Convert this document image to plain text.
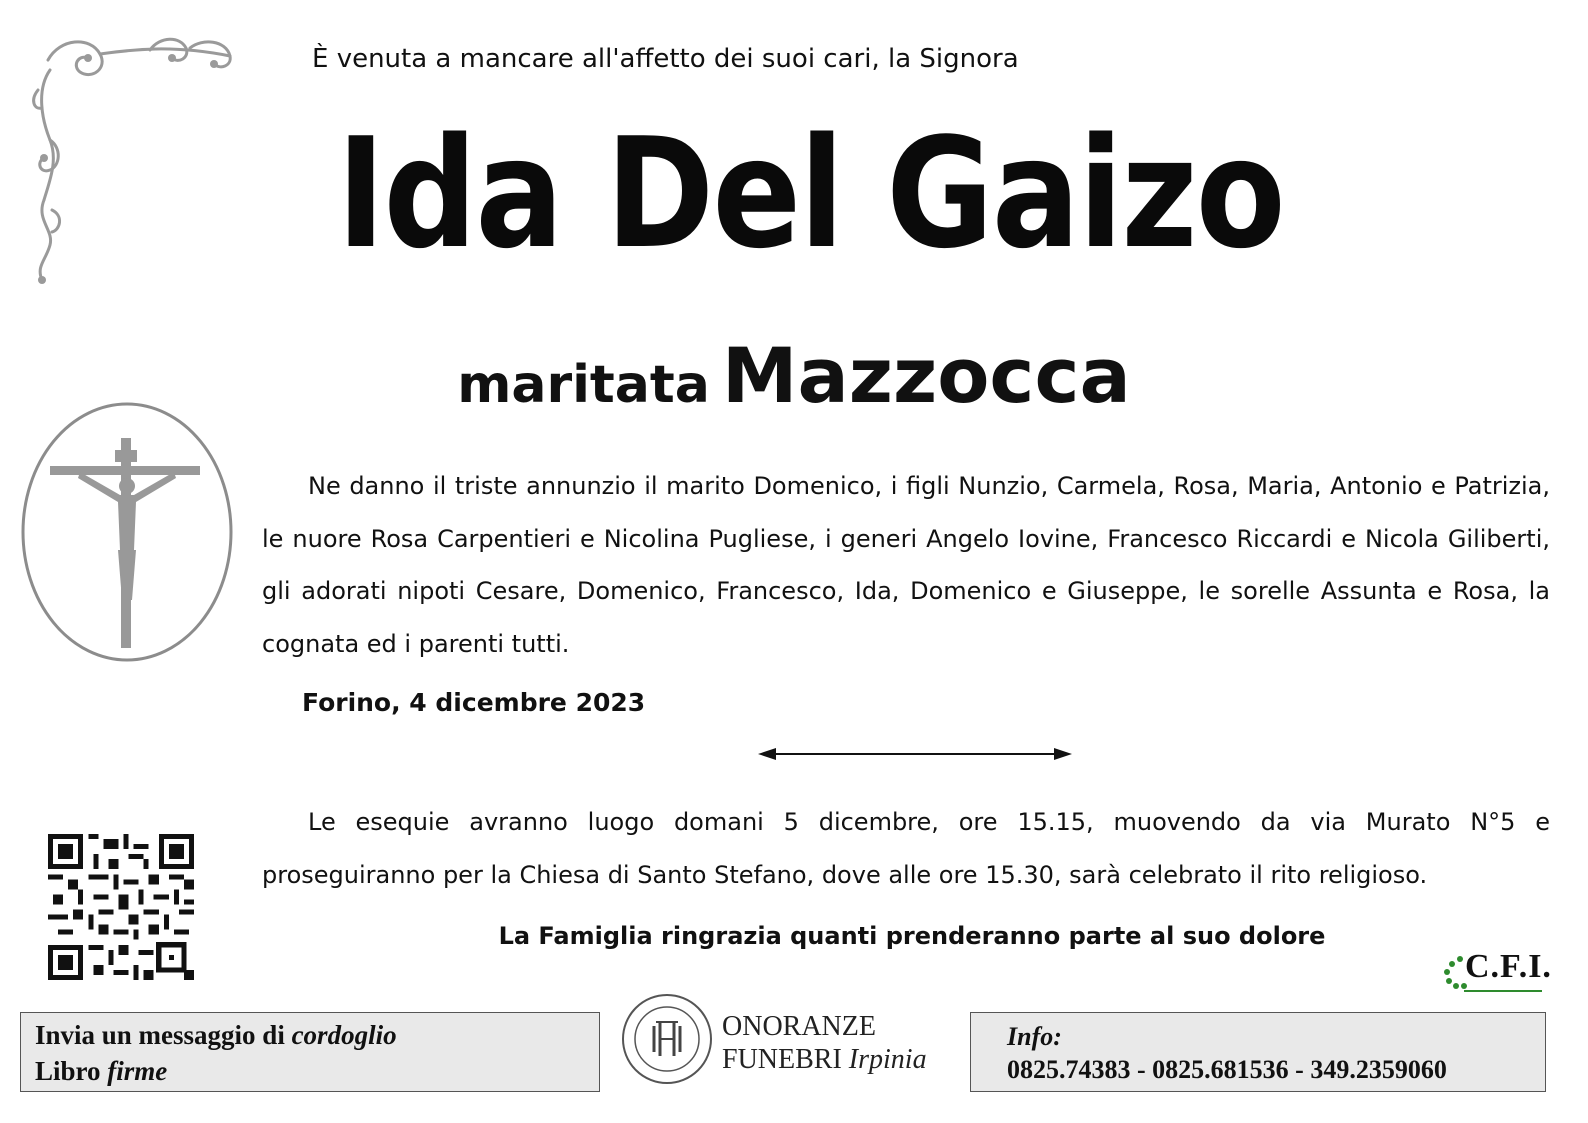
È venuta a mancare all'affetto dei suoi cari, la Signora
Ida Del Gaizo
maritata Mazzocca
Ne danno il triste annunzio il marito Domenico, i figli Nunzio, Carmela, Rosa, Maria, Antonio e Patrizia, le nuore Rosa Carpentieri e Nicolina Pugliese, i generi Angelo Iovine, Francesco Riccardi e Nicola Giliberti, gli adorati nipoti Cesare, Domenico, Francesco, Ida, Domenico e Giuseppe, le sorelle Assunta e Rosa, la cognata ed i parenti tutti.
Forino, 4 dicembre 2023
Le esequie avranno luogo domani 5 dicembre, ore 15.15, muovendo da via Murato N°5 e proseguiranno per la Chiesa di Santo Stefano, dove alle ore 15.30, sarà celebrato il rito religioso.
La Famiglia ringrazia quanti prenderanno parte al suo dolore
C.F.I.
Invia un messaggio di cordoglio
Libro firme
ONORANZE
FUNEBRI Irpinia
Info:
0825.74383 - 0825.681536 - 349.2359060
